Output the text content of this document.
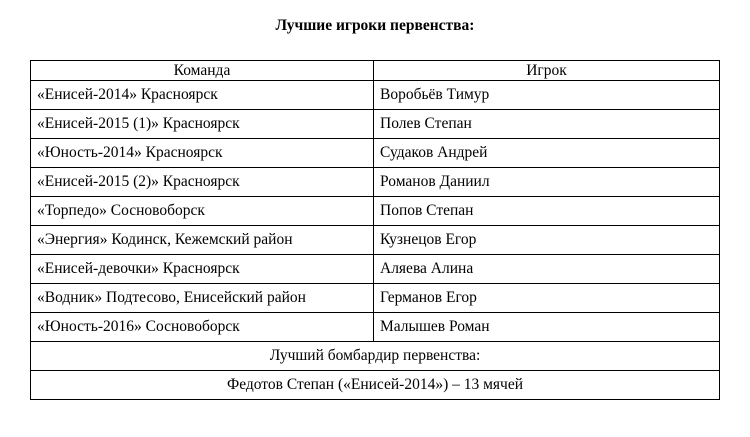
Лучшие игроки первенства:
Команда	Игрок
«Енисей-2014» Красноярск	Воробьёв Тимур
«Енисей-2015 (1)» Красноярск	Полев Степан
«Юность-2014» Красноярск	Судаков Андрей
«Енисей-2015 (2)» Красноярск	Романов Даниил
«Торпедо» Сосновоборск	Попов Степан
«Энергия» Кодинск, Кежемский район	Кузнецов Егор
«Енисей-девочки» Красноярск	Аляева Алина
«Водник» Подтесово, Енисейский район	Германов Егор
«Юность-2016» Сосновоборск	Малышев Роман
Лучший бомбардир первенства:	
Федотов Степан («Енисей-2014») – 13 мячей	
